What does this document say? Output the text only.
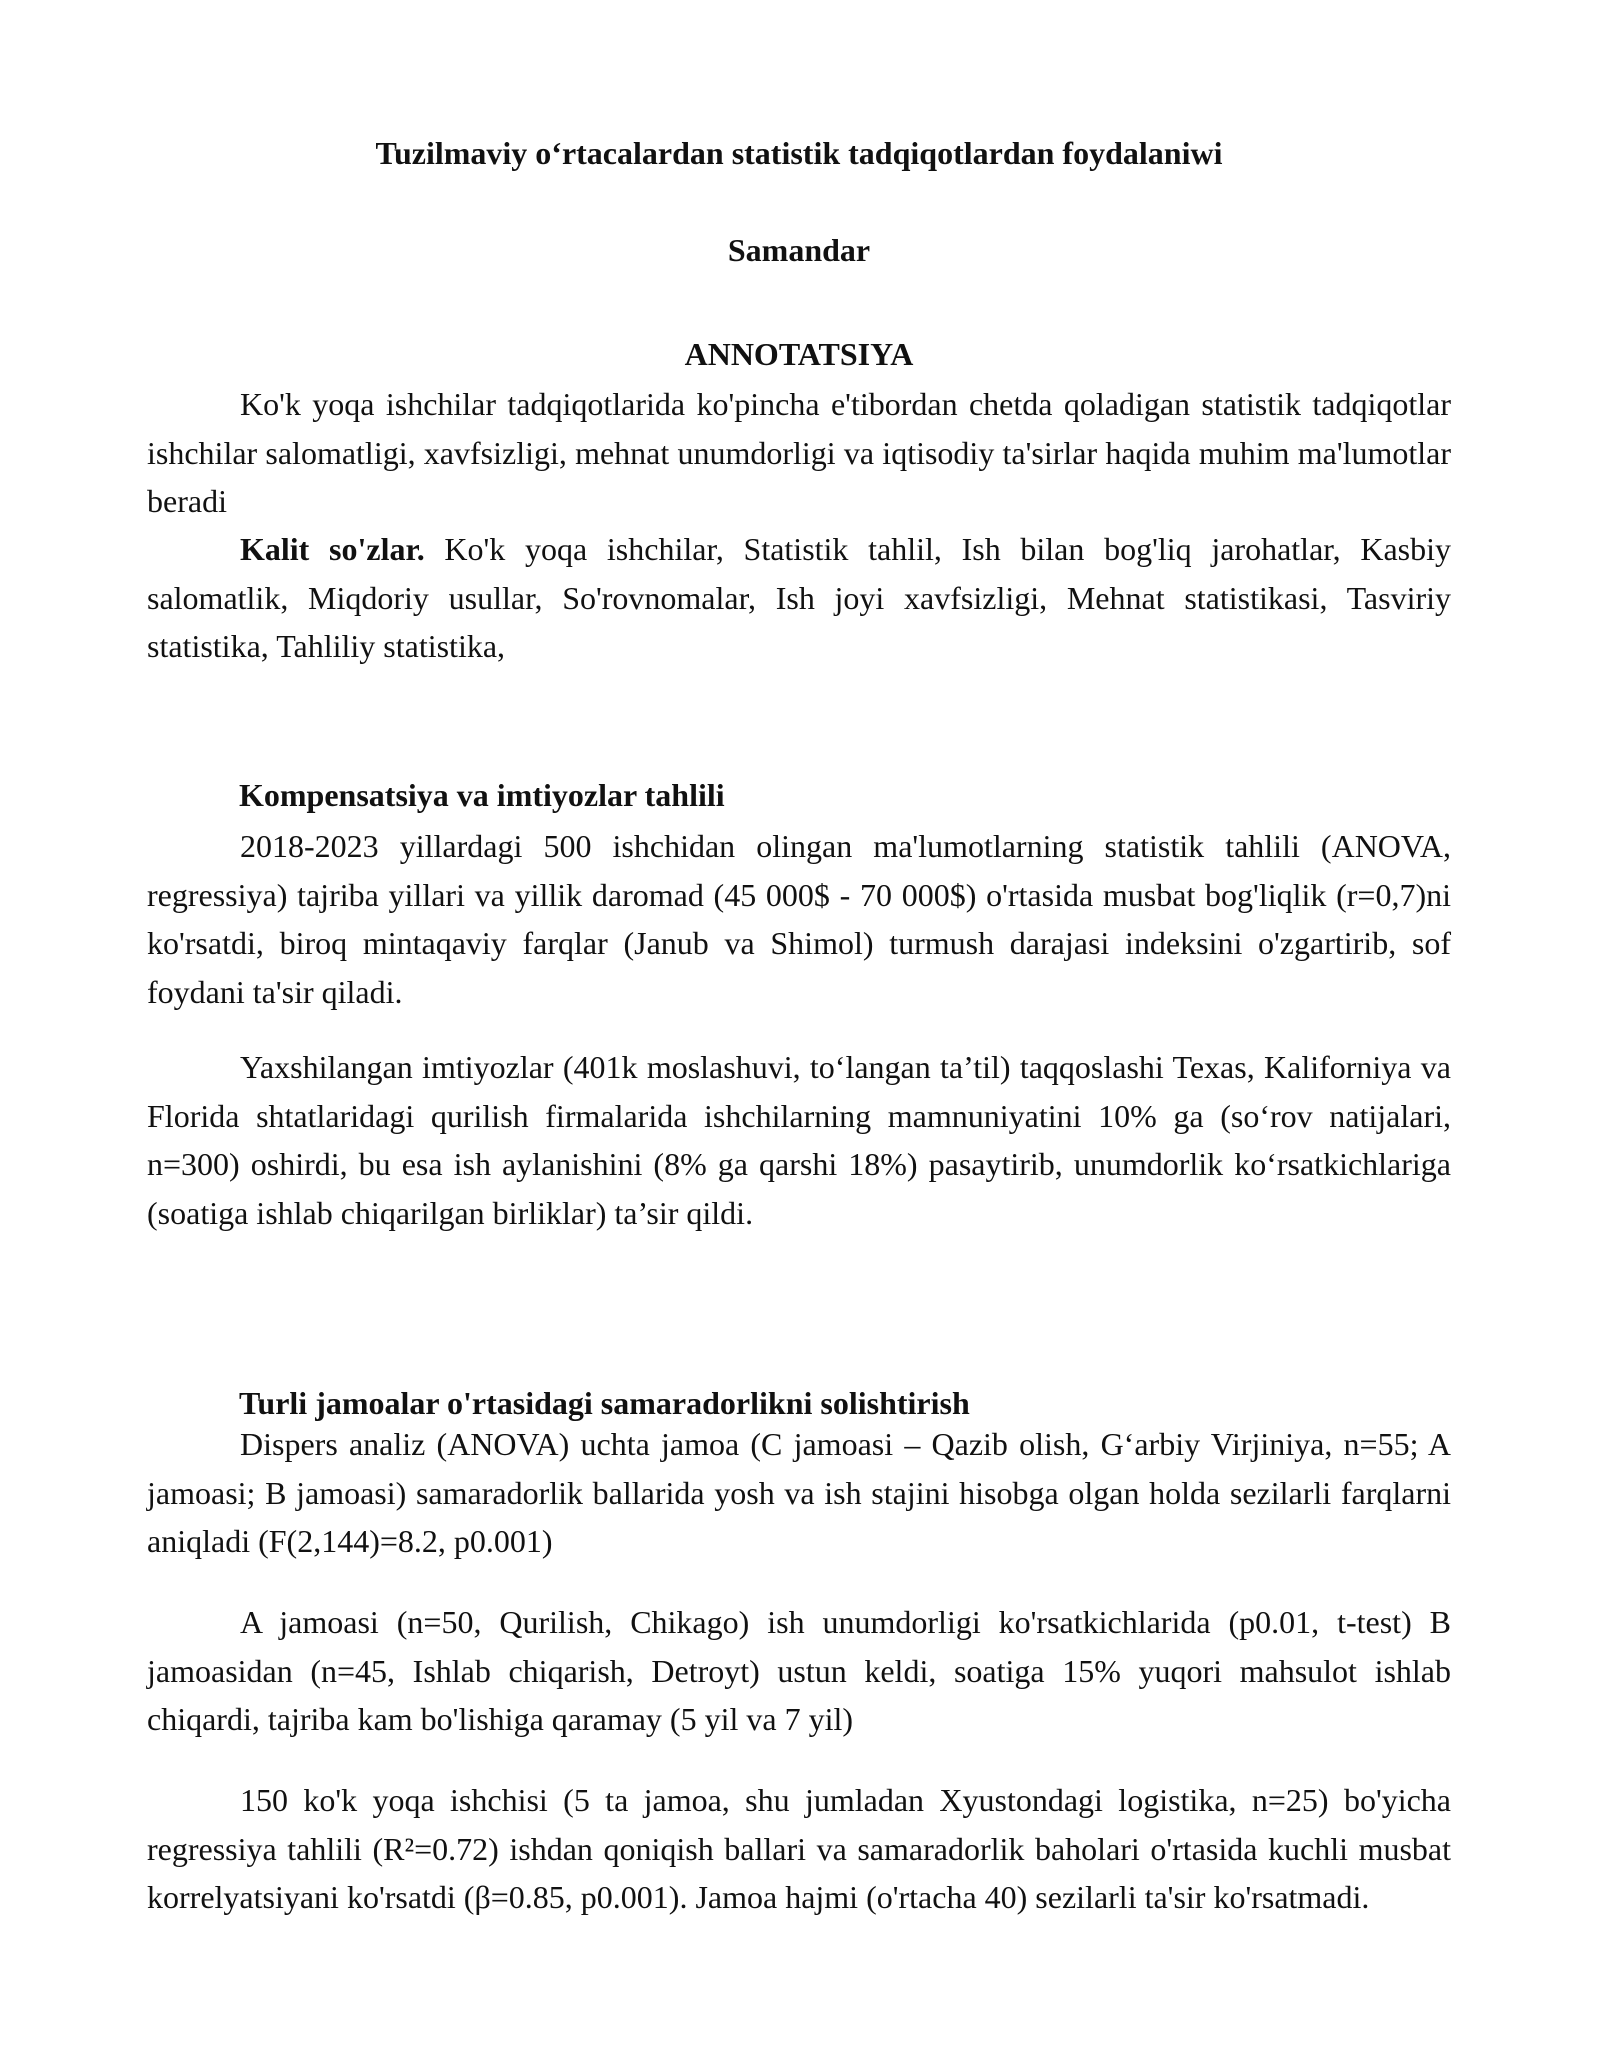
Tuzilmaviy o‘rtacalardan statistik tadqiqotlardan foydalaniwi

Samandar

ANNOTATSIYA

Ko'k yoqa ishchilar tadqiqotlarida ko'pincha e'tibordan chetda qoladigan statistik tadqiqotlar ishchilar salomatligi, xavfsizligi, mehnat unumdorligi va iqtisodiy ta'sirlar haqida muhim ma'lumotlar beradi

Kalit so'zlar. Ko'k yoqa ishchilar, Statistik tahlil, Ish bilan bog'liq jarohatlar, Kasbiy salomatlik, Miqdoriy usullar, So'rovnomalar, Ish joyi xavfsizligi, Mehnat statistikasi, Tasviriy statistika, Tahliliy statistika,

Kompensatsiya va imtiyozlar tahlili

2018-2023 yillardagi 500 ishchidan olingan ma'lumotlarning statistik tahlili (ANOVA, regressiya) tajriba yillari va yillik daromad (45 000$ - 70 000$) o'rtasida musbat bog'liqlik (r=0,7)ni ko'rsatdi, biroq mintaqaviy farqlar (Janub va Shimol) turmush darajasi indeksini o'zgartirib, sof foydani ta'sir qiladi.

Yaxshilangan imtiyozlar (401k moslashuvi, to‘langan ta’til) taqqoslashi Texas, Kaliforniya va Florida shtatlaridagi qurilish firmalarida ishchilarning mamnuniyatini 10% ga (so‘rov natijalari, n=300) oshirdi, bu esa ish aylanishini (8% ga qarshi 18%) pasaytirib, unumdorlik ko‘rsatkichlariga (soatiga ishlab chiqarilgan birliklar) ta’sir qildi.

Turli jamoalar o'rtasidagi samaradorlikni solishtirish

Dispers analiz (ANOVA) uchta jamoa (C jamoasi – Qazib olish, G‘arbiy Virjiniya, n=55; A jamoasi; B jamoasi) samaradorlik ballarida yosh va ish stajini hisobga olgan holda sezilarli farqlarni aniqladi (F(2,144)=8.2, p0.001)

A jamoasi (n=50, Qurilish, Chikago) ish unumdorligi ko'rsatkichlarida (p0.01, t-test) B jamoasidan (n=45, Ishlab chiqarish, Detroyt) ustun keldi, soatiga 15% yuqori mahsulot ishlab chiqardi, tajriba kam bo'lishiga qaramay (5 yil va 7 yil)

150 ko'k yoqa ishchisi (5 ta jamoa, shu jumladan Xyustondagi logistika, n=25) bo'yicha regressiya tahlili (R²=0.72) ishdan qoniqish ballari va samaradorlik baholari o'rtasida kuchli musbat korrelyatsiyani ko'rsatdi (β=0.85, p0.001). Jamoa hajmi (o'rtacha 40) sezilarli ta'sir ko'rsatmadi.
